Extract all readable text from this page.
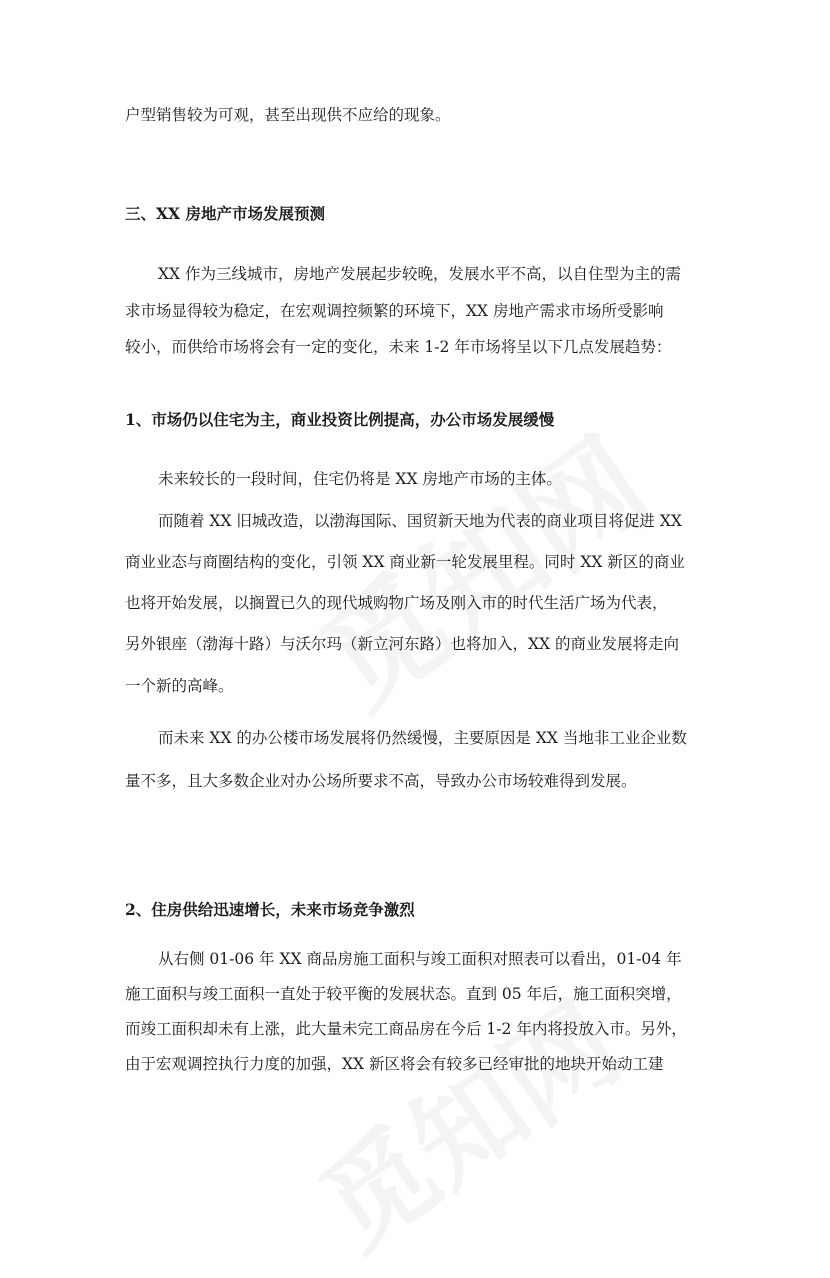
户型销售较为可观，甚至出现供不应给的现象。
三、XX 房地产市场发展预测
XX 作为三线城市，房地产发展起步较晚，发展水平不高，以自住型为主的需
求市场显得较为稳定，在宏观调控频繁的环境下，XX 房地产需求市场所受影响
较小，而供给市场将会有一定的变化，未来 1-2 年市场将呈以下几点发展趋势：
1、市场仍以住宅为主，商业投资比例提高，办公市场发展缓慢
未来较长的一段时间，住宅仍将是 XX 房地产市场的主体。
而随着 XX 旧城改造，以渤海国际、国贸新天地为代表的商业项目将促进 XX
商业业态与商圈结构的变化，引领 XX 商业新一轮发展里程。同时 XX 新区的商业
也将开始发展，以搁置已久的现代城购物广场及刚入市的时代生活广场为代表，
另外银座（渤海十路）与沃尔玛（新立河东路）也将加入，XX 的商业发展将走向
一个新的高峰。
而未来 XX 的办公楼市场发展将仍然缓慢，主要原因是 XX 当地非工业企业数
量不多，且大多数企业对办公场所要求不高，导致办公市场较难得到发展。
2、住房供给迅速增长，未来市场竞争激烈
从右侧 01-06 年 XX 商品房施工面积与竣工面积对照表可以看出，01-04 年
施工面积与竣工面积一直处于较平衡的发展状态。直到 05 年后，施工面积突增，
而竣工面积却未有上涨，此大量未完工商品房在今后 1-2 年内将投放入市。另外，
由于宏观调控执行力度的加强，XX 新区将会有较多已经审批的地块开始动工建
